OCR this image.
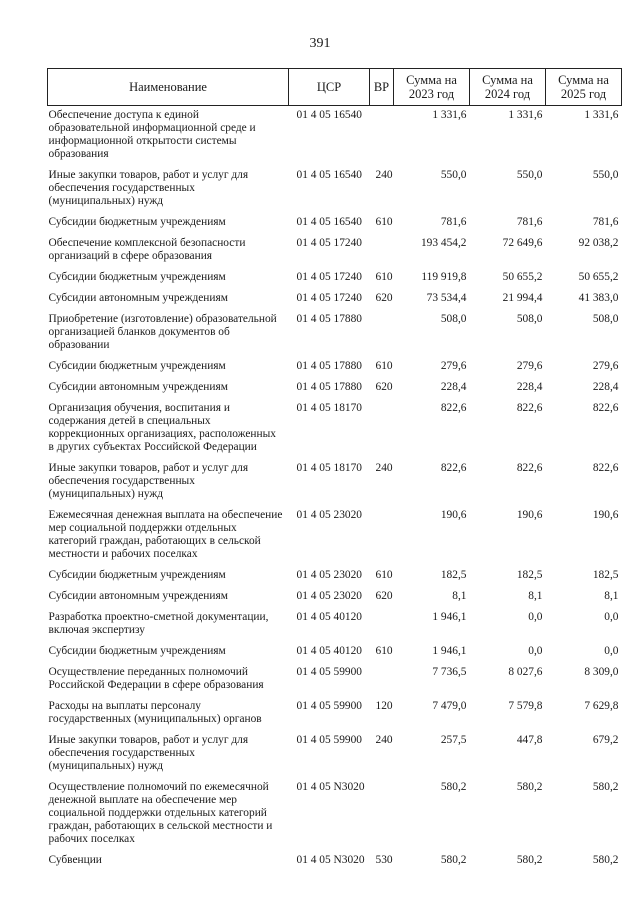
391
Наименование	ЦСР	ВР	Сумма на 2023 год	Сумма на 2024 год	Сумма на 2025 год
Обеспечение доступа к единой образовательной информационной среде и информационной открытости системы образования	01 4 05 16540		1 331,6	1 331,6	1 331,6
Иные закупки товаров, работ и услуг для обеспечения государственных (муниципальных) нужд	01 4 05 16540	240	550,0	550,0	550,0
Субсидии бюджетным учреждениям	01 4 05 16540	610	781,6	781,6	781,6
Обеспечение комплексной безопасности организаций в сфере образования	01 4 05 17240		193 454,2	72 649,6	92 038,2
Субсидии бюджетным учреждениям	01 4 05 17240	610	119 919,8	50 655,2	50 655,2
Субсидии автономным учреждениям	01 4 05 17240	620	73 534,4	21 994,4	41 383,0
Приобретение (изготовление) образовательной организацией бланков документов об образовании	01 4 05 17880		508,0	508,0	508,0
Субсидии бюджетным учреждениям	01 4 05 17880	610	279,6	279,6	279,6
Субсидии автономным учреждениям	01 4 05 17880	620	228,4	228,4	228,4
Организация обучения, воспитания и содержания детей в специальных коррекционных организациях, расположенных в других субъектах Российской Федерации	01 4 05 18170		822,6	822,6	822,6
Иные закупки товаров, работ и услуг для обеспечения государственных (муниципальных) нужд	01 4 05 18170	240	822,6	822,6	822,6
Ежемесячная денежная выплата на обеспечение мер социальной поддержки отдельных категорий граждан, работающих в сельской местности и рабочих поселках	01 4 05 23020		190,6	190,6	190,6
Субсидии бюджетным учреждениям	01 4 05 23020	610	182,5	182,5	182,5
Субсидии автономным учреждениям	01 4 05 23020	620	8,1	8,1	8,1
Разработка проектно-сметной документации, включая экспертизу	01 4 05 40120		1 946,1	0,0	0,0
Субсидии бюджетным учреждениям	01 4 05 40120	610	1 946,1	0,0	0,0
Осуществление переданных полномочий Российской Федерации в сфере образования	01 4 05 59900		7 736,5	8 027,6	8 309,0
Расходы на выплаты персоналу государственных (муниципальных) органов	01 4 05 59900	120	7 479,0	7 579,8	7 629,8
Иные закупки товаров, работ и услуг для обеспечения государственных (муниципальных) нужд	01 4 05 59900	240	257,5	447,8	679,2
Осуществление полномочий по ежемесячной денежной выплате на обеспечение мер социальной поддержки отдельных категорий граждан, работающих в сельской местности и рабочих поселках	01 4 05 N3020		580,2	580,2	580,2
Субвенции	01 4 05 N3020	530	580,2	580,2	580,2
